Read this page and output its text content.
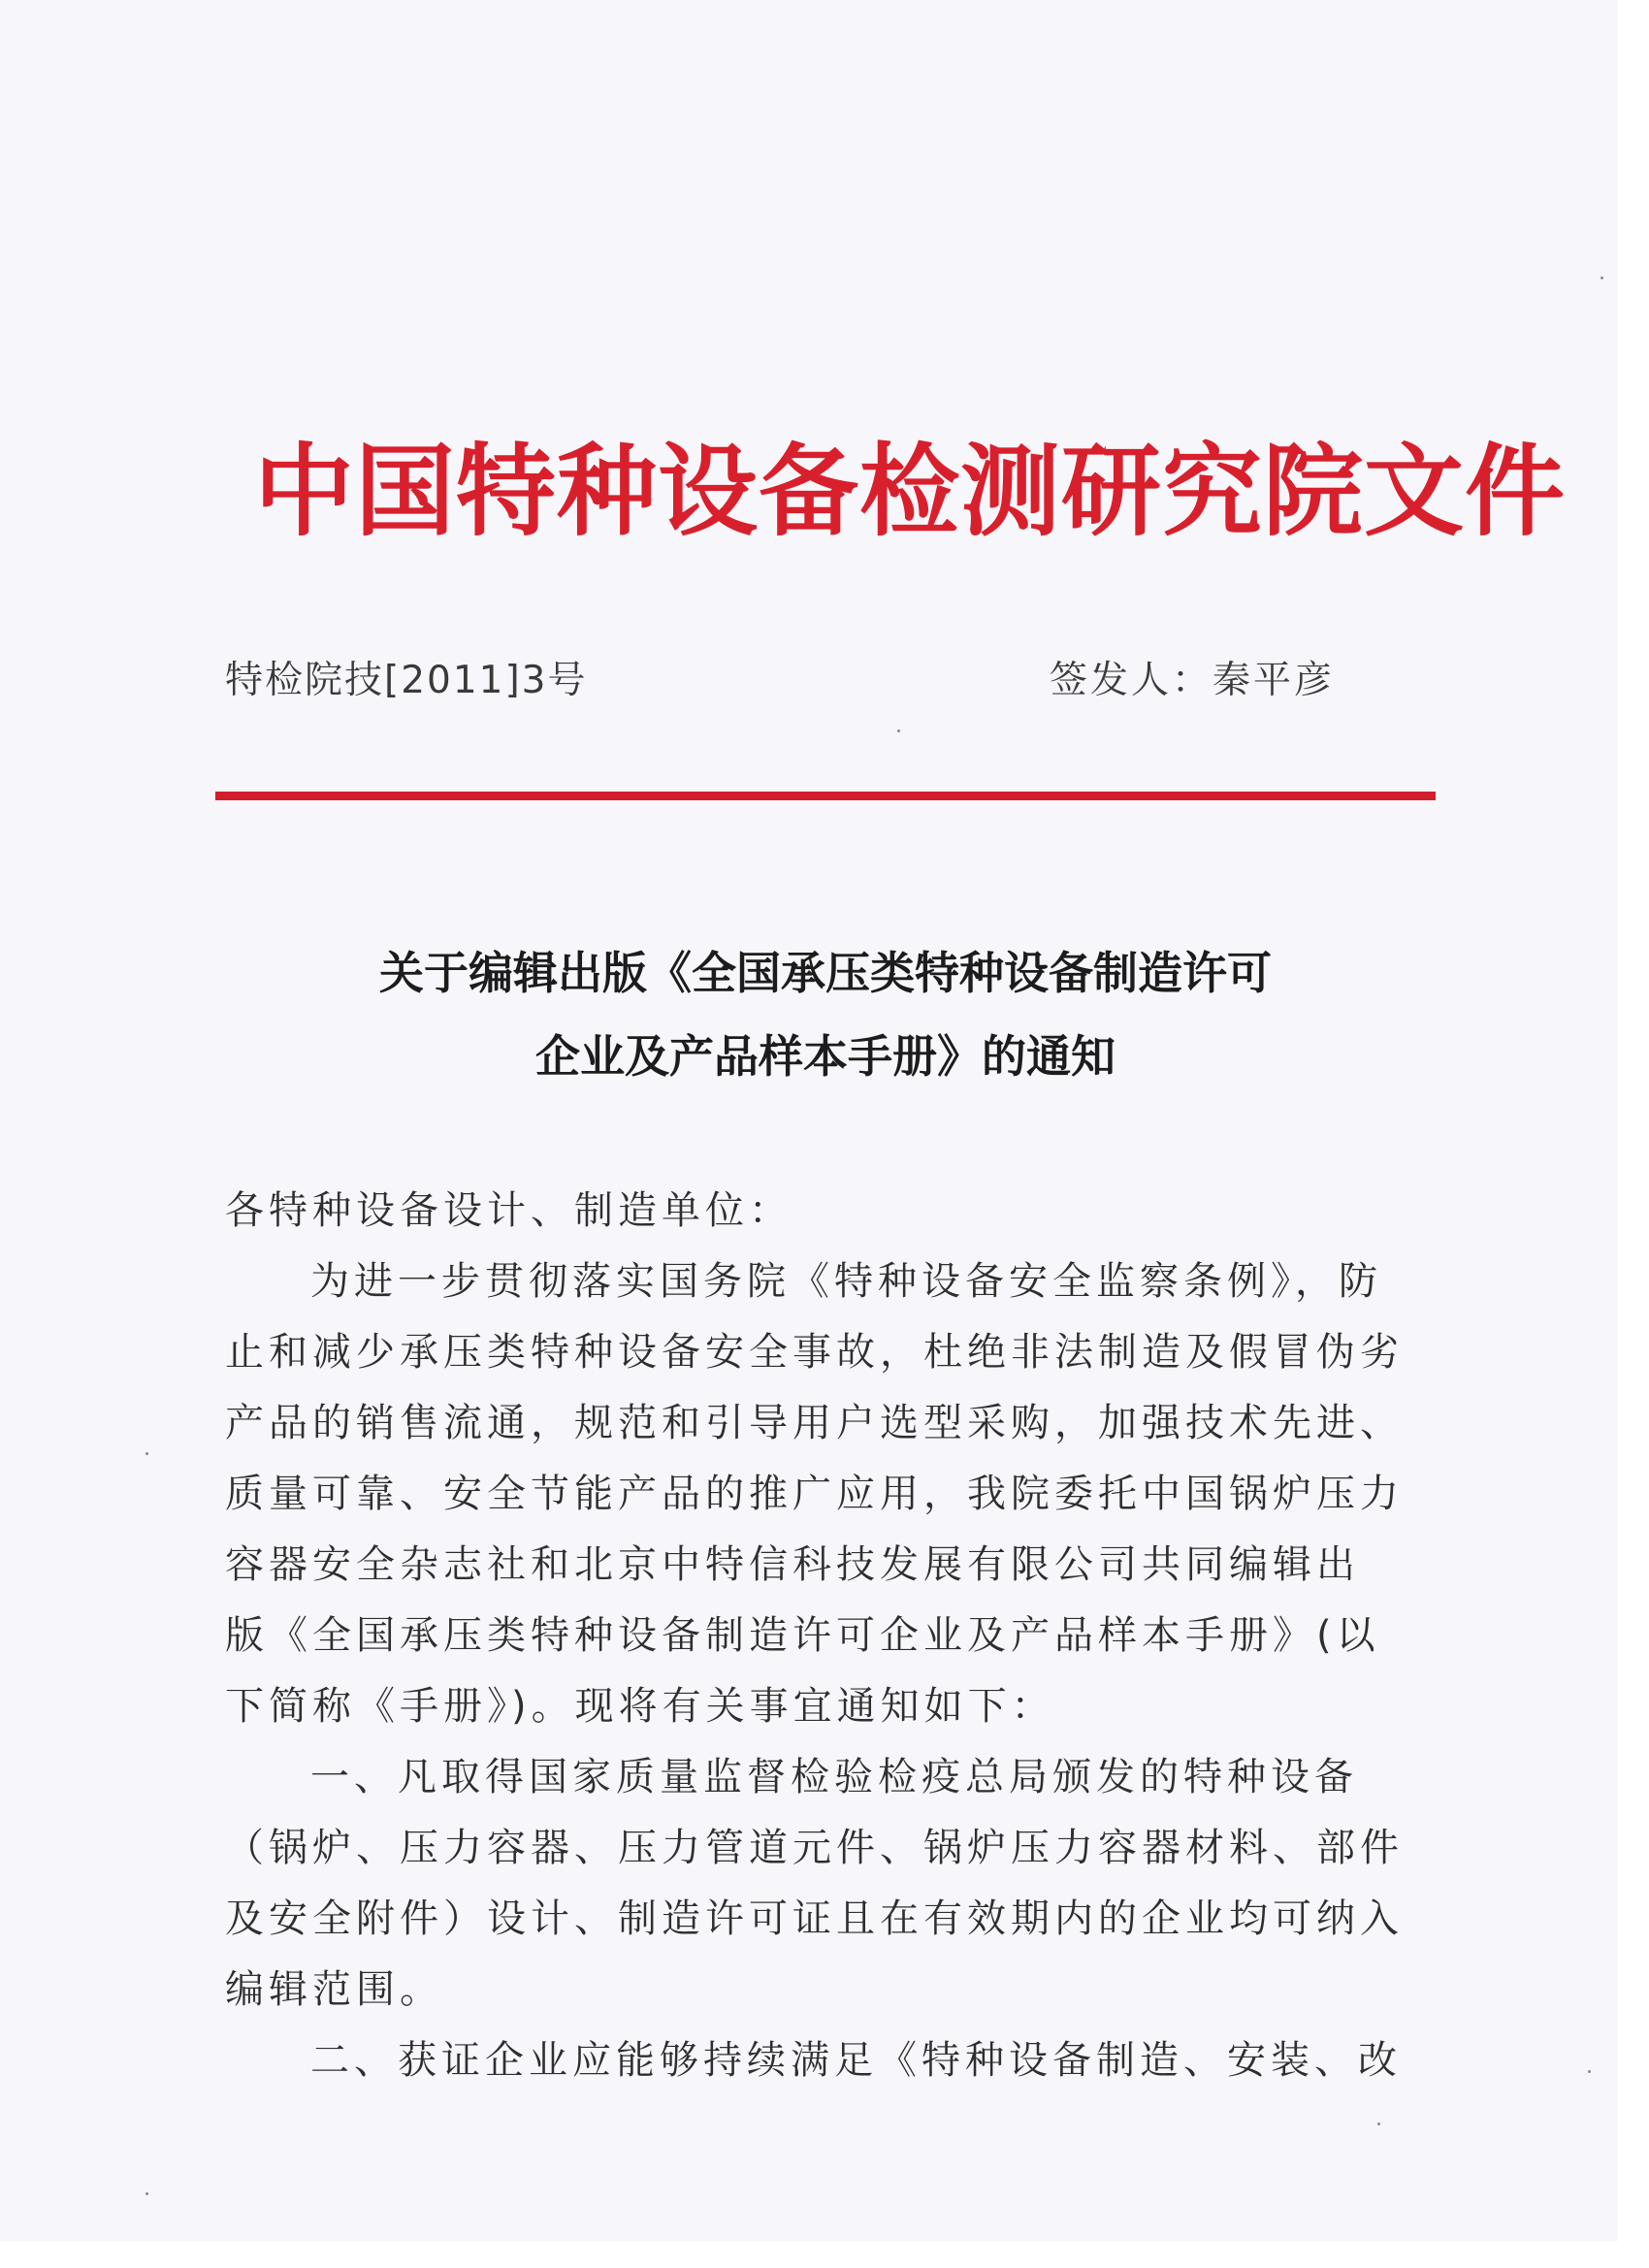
中国特种设备检测研究院文件
特检院技[2011]3号	签发人：秦平彦
关于编辑出版《全国承压类特种设备制造许可
企业及产品样本手册》的通知

各特种设备设计、制造单位：

为进一步贯彻落实国务院《特种设备安全监察条例》，防
止和减少承压类特种设备安全事故，杜绝非法制造及假冒伪劣
产品的销售流通，规范和引导用户选型采购，加强技术先进、
质量可靠、安全节能产品的推广应用，我院委托中国锅炉压力
容器安全杂志社和北京中特信科技发展有限公司共同编辑出
版《全国承压类特种设备制造许可企业及产品样本手册》(以
下简称《手册》)。现将有关事宜通知如下：

一、凡取得国家质量监督检验检疫总局颁发的特种设备
（锅炉、压力容器、压力管道元件、锅炉压力容器材料、部件
及安全附件）设计、制造许可证且在有效期内的企业均可纳入
编辑范围。

二、获证企业应能够持续满足《特种设备制造、安装、改
